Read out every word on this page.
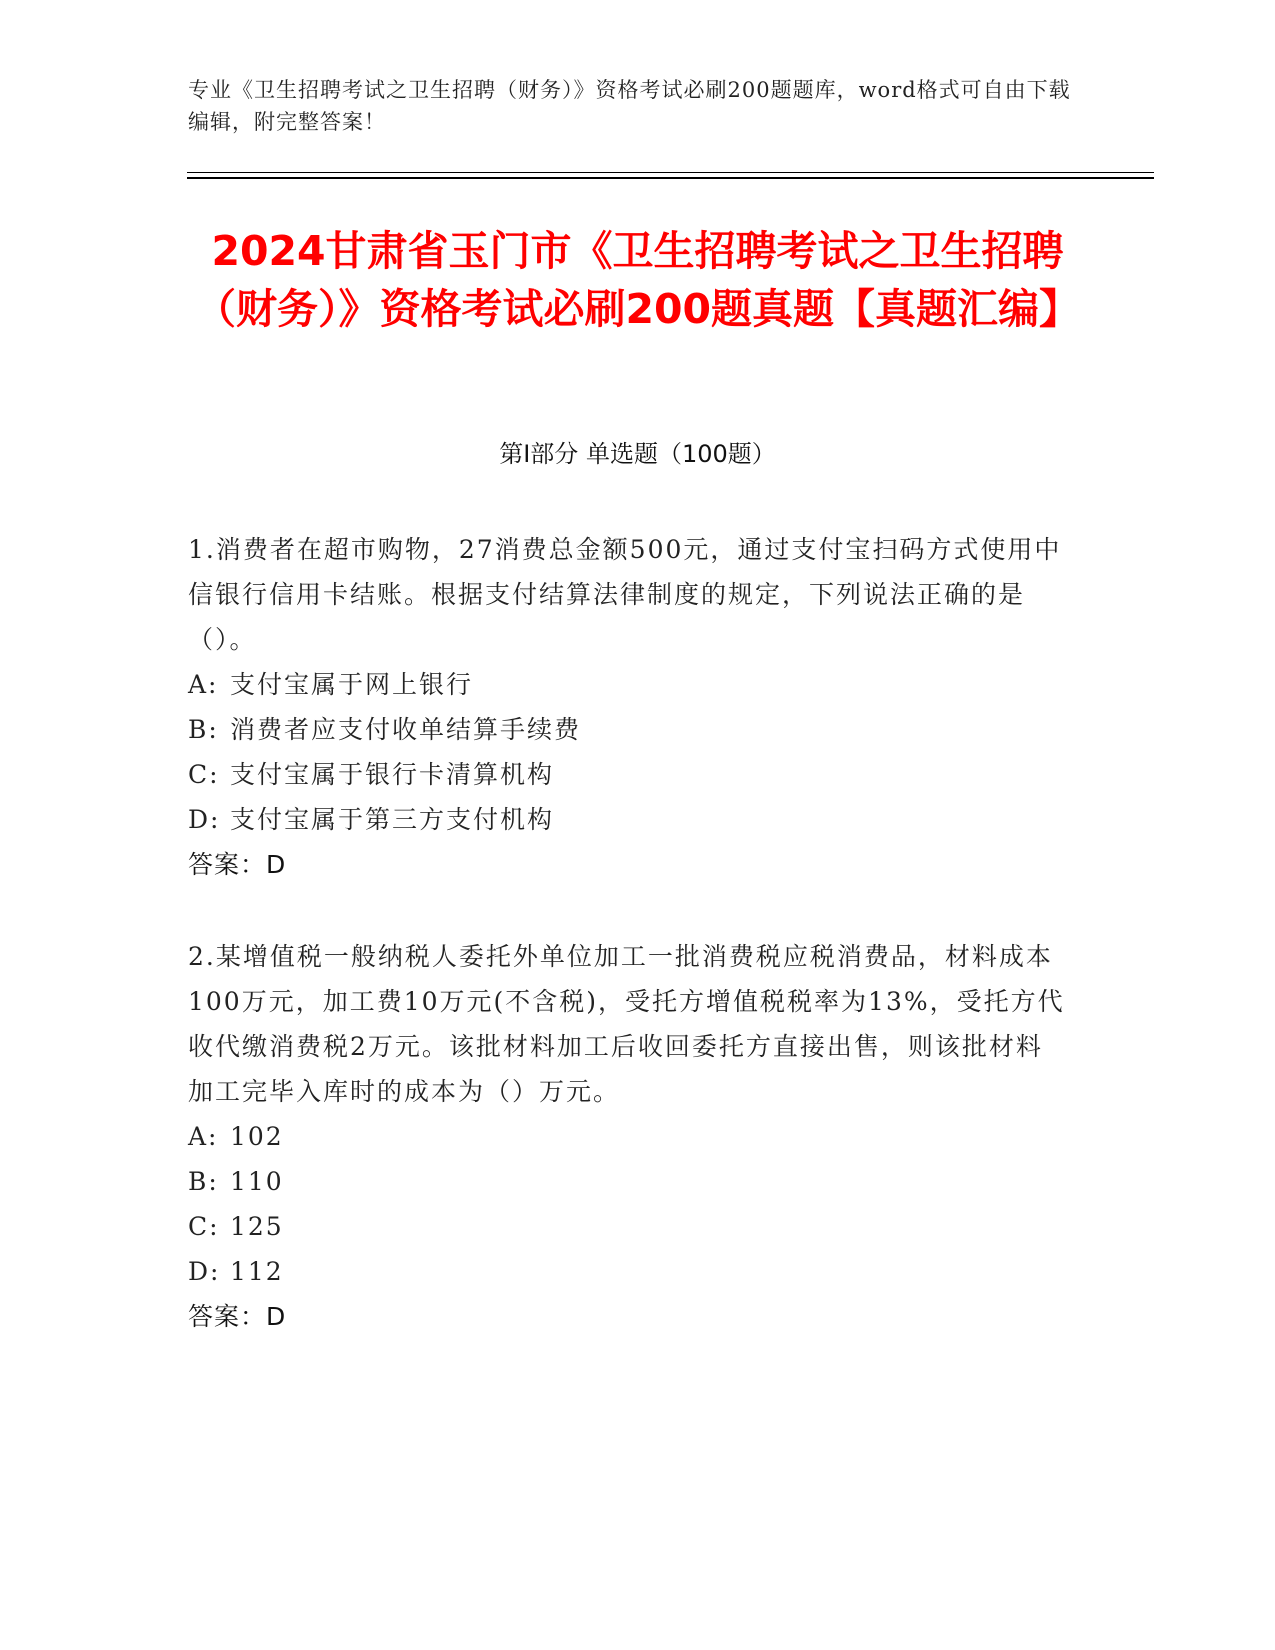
专业《卫生招聘考试之卫生招聘（财务）》资格考试必刷200题题库，word格式可自由下载编辑，附完整答案！
2024甘肃省玉门市《卫生招聘考试之卫生招聘（财务）》资格考试必刷200题真题【真题汇编】
第Ⅰ部分 单选题（100题）

1.消费者在超市购物，27消费总金额500元，通过支付宝扫码方式使用中信银行信用卡结账。根据支付结算法律制度的规定，下列说法正确的是（）。

A: 支付宝属于网上银行

B: 消费者应支付收单结算手续费

C: 支付宝属于银行卡清算机构

D: 支付宝属于第三方支付机构

答案：D

2.某增值税一般纳税人委托外单位加工一批消费税应税消费品，材料成本100万元，加工费10万元(不含税)，受托方增值税税率为13%，受托方代收代缴消费税2万元。该批材料加工后收回委托方直接出售，则该批材料加工完毕入库时的成本为（）万元。

A: 102

B: 110

C: 125

D: 112

答案：D
